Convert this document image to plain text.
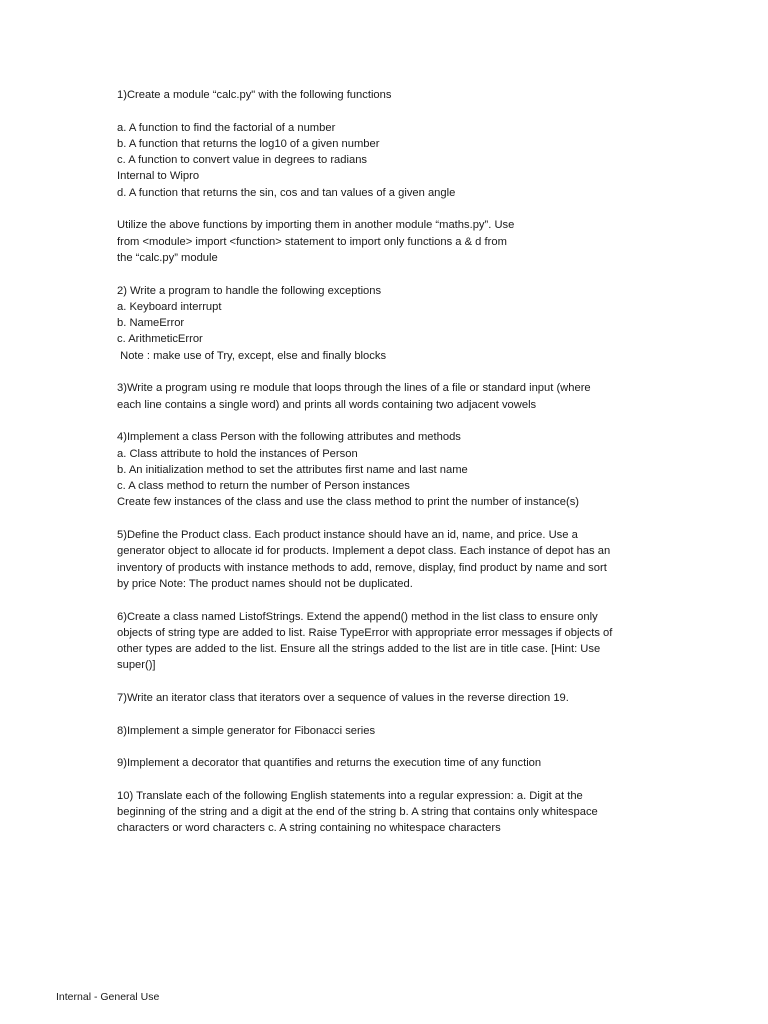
1)Create a module “calc.py" with the following functions
a. A function to find the factorial of a number
b. A function that returns the log10 of a given number
c. A function to convert value in degrees to radians
Internal to Wipro
d. A function that returns the sin, cos and tan values of a given angle
Utilize the above functions by importing them in another module “maths.py”. Use
from <module> import <function> statement to import only functions a & d from
the “calc.py” module
2) Write a program to handle the following exceptions
a. Keyboard interrupt
b. NameError
c. ArithmeticError
Note : make use of Try, except, else and finally blocks
3)Write a program using re module that loops through the lines of a file or standard input (where
each line contains a single word) and prints all words containing two adjacent vowels
4)Implement a class Person with the following attributes and methods
a. Class attribute to hold the instances of Person
b. An initialization method to set the attributes first name and last name
c. A class method to return the number of Person instances
Create few instances of the class and use the class method to print the number of instance(s)
5)Define the Product class. Each product instance should have an id, name, and price. Use a
generator object to allocate id for products. Implement a depot class. Each instance of depot has an
inventory of products with instance methods to add, remove, display, find product by name and sort
by price Note: The product names should not be duplicated.
6)Create a class named ListofStrings. Extend the append() method in the list class to ensure only
objects of string type are added to list. Raise TypeError with appropriate error messages if objects of
other types are added to the list. Ensure all the strings added to the list are in title case. [Hint: Use
super()]
7)Write an iterator class that iterators over a sequence of values in the reverse direction 19.
8)Implement a simple generator for Fibonacci series
9)Implement a decorator that quantifies and returns the execution time of any function
10) Translate each of the following English statements into a regular expression: a. Digit at the
beginning of the string and a digit at the end of the string b. A string that contains only whitespace
characters or word characters c. A string containing no whitespace characters
Internal - General Use
